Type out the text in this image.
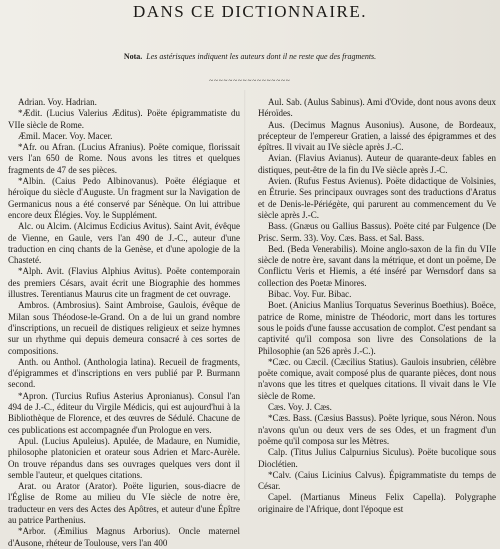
DANS CE DICTIONNAIRE.
Nota. Les astérisques indiquent les auteurs dont il ne reste que des fragments.
~~~~~~~~~~~~~~~~~

Adrian. Voy. Hadrian.

*Ædit. (Lucius Valerius Æditus). Poëte épigrammatiste du VIIe siècle de Rome.

Æmil. Macer. Voy. Macer.

*Afr. ou Afran. (Lucius Afranius). Poëte comique, florissait vers l'an 650 de Rome. Nous avons les titres et quelques fragments de 47 de ses pièces.

*Albin. (Caius Pedo Albinovanus). Poëte élégiaque et héroïque du siècle d'Auguste. Un fragment sur la Navigation de Germanicus nous a été conservé par Sénèque. On lui attribue encore deux Élégies. Voy. le Supplément.

Alc. ou Alcim. (Alcimus Ecdicius Avitus). Saint Avit, évêque de Vienne, en Gaule, vers l'an 490 de J.-C., auteur d'une traduction en cinq chants de la Genèse, et d'une apologie de la Chasteté.

*Alph. Avit. (Flavius Alphius Avitus). Poëte contemporain des premiers Césars, avait écrit une Biographie des hommes illustres. Terentianus Maurus cite un fragment de cet ouvrage.

Ambros. (Ambrosius). Saint Ambroise, Gaulois, évêque de Milan sous Théodose-le-Grand. On a de lui un grand nombre d'inscriptions, un recueil de distiques religieux et seize hymnes sur un rhythme qui depuis demeura consacré à ces sortes de compositions.

Anth. ou Anthol. (Anthologia latina). Recueil de fragments, d'épigrammes et d'inscriptions en vers publié par P. Burmann second.

*Apron. (Turcius Rufius Asterius Apronianus). Consul l'an 494 de J.-C., éditeur du Virgile Médicis, qui est aujourd'hui à la Bibliothèque de Florence, et des œuvres de Sédulé. Chacune de ces publications est accompagnée d'un Prologue en vers.

Apul. (Lucius Apuleius). Apulée, de Madaure, en Numidie, philosophe platonicien et orateur sous Adrien et Marc-Aurèle. On trouve répandus dans ses ouvrages quelques vers dont il semble l'auteur, et quelques citations.

Arat. ou Arator (Arator). Poëte ligurien, sous-diacre de l'Église de Rome au milieu du VIe siècle de notre ère, traducteur en vers des Actes des Apôtres, et auteur d'une Épître au patrice Parthenius.

*Arbor. (Æmilius Magnus Arborius). Oncle maternel d'Ausone, rhéteur de Toulouse, vers l'an 400

Aul. Sab. (Aulus Sabinus). Ami d'Ovide, dont nous avons deux Héroïdes.

Aus. (Decimus Magnus Ausonius). Ausone, de Bordeaux, précepteur de l'empereur Gratien, a laissé des épigrammes et des épîtres. Il vivait au IVe siècle après J.-C.

Avian. (Flavius Avianus). Auteur de quarante-deux fables en distiques, peut-être de la fin du IVe siècle après J.-C.

Avien. (Rufus Festus Avienus). Poëte didactique de Volsinies, en Étrurie. Ses principaux ouvrages sont des traductions d'Aratus et de Denis-le-Périégète, qui parurent au commencement du Ve siècle après J.-C.

Bass. (Gnæus ou Gallius Bassus). Poëte cité par Fulgence (De Prisc. Serm. 33). Voy. Cæs. Bass. et Sal. Bass.

Bed. (Beda Venerabilis). Moine anglo-saxon de la fin du VIIe siècle de notre ère, savant dans la métrique, et dont un poëme, De Conflictu Veris et Hiemis, a été inséré par Wernsdorf dans sa collection des Poetæ Minores.

Bibac. Voy. Fur. Bibac.

Boet. (Anicius Manlius Torquatus Severinus Boethius). Boëce, patrice de Rome, ministre de Théodoric, mort dans les tortures sous le poids d'une fausse accusation de complot. C'est pendant sa captivité qu'il composa son livre des Consolations de la Philosophie (an 526 après J.-C.).

*Cæc. ou Cæcil. (Cæcilius Statius). Gaulois insubrien, célèbre poëte comique, avait composé plus de quarante pièces, dont nous n'avons que les titres et quelques citations. Il vivait dans le VIe siècle de Rome.

Cæs. Voy. J. Cæs.

*Cæs. Bass. (Cæsius Bassus). Poëte lyrique, sous Néron. Nous n'avons qu'un ou deux vers de ses Odes, et un fragment d'un poëme qu'il composa sur les Mètres.

Calp. (Titus Julius Calpurnius Siculus). Poëte bucolique sous Dioclétien.

*Calv. (Caius Licinius Calvus). Épigrammatiste du temps de César.

Capel. (Martianus Mineus Felix Capella). Polygraphe originaire de l'Afrique, dont l'époque est
